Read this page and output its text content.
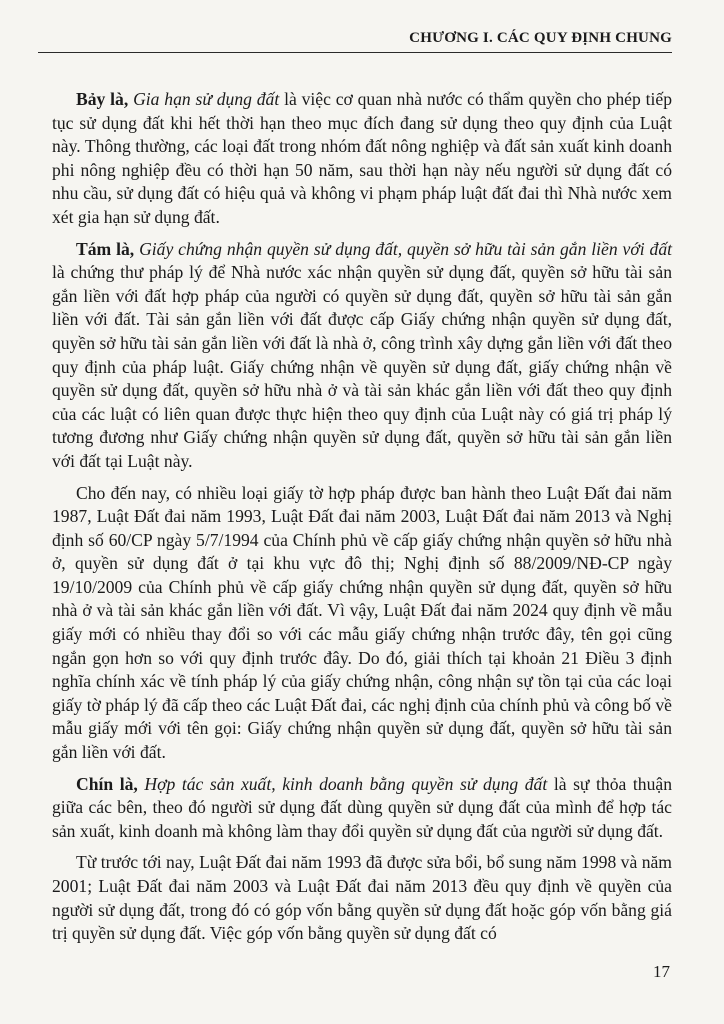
CHƯƠNG I. CÁC QUY ĐỊNH CHUNG

Bảy là, Gia hạn sử dụng đất là việc cơ quan nhà nước có thẩm quyền cho phép tiếp tục sử dụng đất khi hết thời hạn theo mục đích đang sử dụng theo quy định của Luật này. Thông thường, các loại đất trong nhóm đất nông nghiệp và đất sản xuất kinh doanh phi nông nghiệp đều có thời hạn 50 năm, sau thời hạn này nếu người sử dụng đất có nhu cầu, sử dụng đất có hiệu quả và không vi phạm pháp luật đất đai thì Nhà nước xem xét gia hạn sử dụng đất.

Tám là, Giấy chứng nhận quyền sử dụng đất, quyền sở hữu tài sản gắn liền với đất là chứng thư pháp lý để Nhà nước xác nhận quyền sử dụng đất, quyền sở hữu tài sản gắn liền với đất hợp pháp của người có quyền sử dụng đất, quyền sở hữu tài sản gắn liền với đất. Tài sản gắn liền với đất được cấp Giấy chứng nhận quyền sử dụng đất, quyền sở hữu tài sản gắn liền với đất là nhà ở, công trình xây dựng gắn liền với đất theo quy định của pháp luật. Giấy chứng nhận về quyền sử dụng đất, giấy chứng nhận về quyền sử dụng đất, quyền sở hữu nhà ở và tài sản khác gắn liền với đất theo quy định của các luật có liên quan được thực hiện theo quy định của Luật này có giá trị pháp lý tương đương như Giấy chứng nhận quyền sử dụng đất, quyền sở hữu tài sản gắn liền với đất tại Luật này.

Cho đến nay, có nhiều loại giấy tờ hợp pháp được ban hành theo Luật Đất đai năm 1987, Luật Đất đai năm 1993, Luật Đất đai năm 2003, Luật Đất đai năm 2013 và Nghị định số 60/CP ngày 5/7/1994 của Chính phủ về cấp giấy chứng nhận quyền sở hữu nhà ở, quyền sử dụng đất ở tại khu vực đô thị; Nghị định số 88/2009/NĐ-CP ngày 19/10/2009 của Chính phủ về cấp giấy chứng nhận quyền sử dụng đất, quyền sở hữu nhà ở và tài sản khác gắn liền với đất. Vì vậy, Luật Đất đai năm 2024 quy định về mẫu giấy mới có nhiều thay đổi so với các mẫu giấy chứng nhận trước đây, tên gọi cũng ngắn gọn hơn so với quy định trước đây. Do đó, giải thích tại khoản 21 Điều 3 định nghĩa chính xác về tính pháp lý của giấy chứng nhận, công nhận sự tồn tại của các loại giấy tờ pháp lý đã cấp theo các Luật Đất đai, các nghị định của chính phủ và công bố về mẫu giấy mới với tên gọi: Giấy chứng nhận quyền sử dụng đất, quyền sở hữu tài sản gắn liền với đất.

Chín là, Hợp tác sản xuất, kinh doanh bằng quyền sử dụng đất là sự thỏa thuận giữa các bên, theo đó người sử dụng đất dùng quyền sử dụng đất của mình để hợp tác sản xuất, kinh doanh mà không làm thay đổi quyền sử dụng đất của người sử dụng đất.

Từ trước tới nay, Luật Đất đai năm 1993 đã được sửa bổi, bổ sung năm 1998 và năm 2001; Luật Đất đai năm 2003 và Luật Đất đai năm 2013 đều quy định về quyền của người sử dụng đất, trong đó có góp vốn bằng quyền sử dụng đất hoặc góp vốn bằng giá trị quyền sử dụng đất. Việc góp vốn bằng quyền sử dụng đất có

17
